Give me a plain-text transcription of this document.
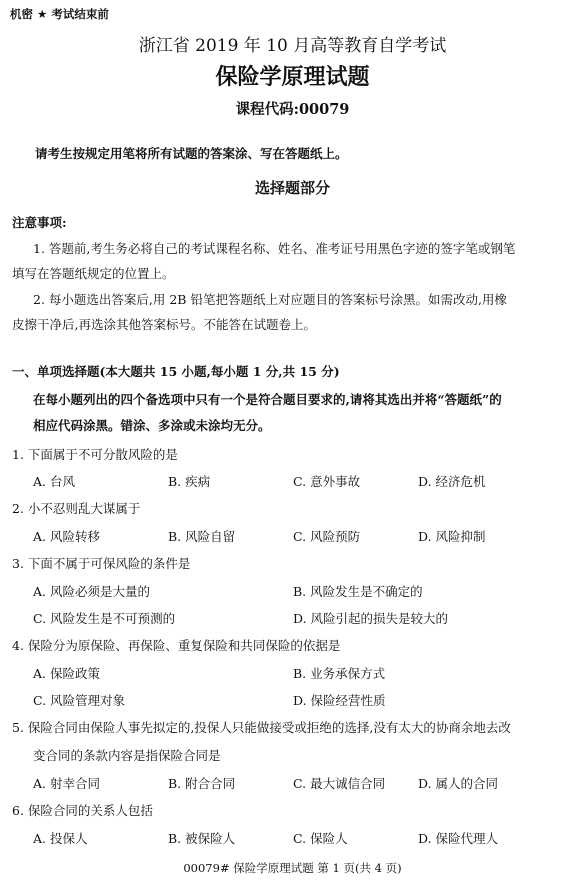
机密 ★ 考试结束前
浙江省 2019 年 10 月高等教育自学考试
保险学原理试题
课程代码:00079
请考生按规定用笔将所有试题的答案涂、写在答题纸上。
选择题部分
注意事项:
1. 答题前,考生务必将自己的考试课程名称、姓名、准考证号用黑色字迹的签字笔或钢笔
填写在答题纸规定的位置上。
2. 每小题选出答案后,用 2B 铅笔把答题纸上对应题目的答案标号涂黑。如需改动,用橡
皮擦干净后,再选涂其他答案标号。不能答在试题卷上。
一、单项选择题(本大题共 15 小题,每小题 1 分,共 15 分)
在每小题列出的四个备选项中只有一个是符合题目要求的,请将其选出并将“答题纸”的
相应代码涂黑。错涂、多涂或未涂均无分。
1. 下面属于不可分散风险的是
A. 台风	B. 疾病	C. 意外事故	D. 经济危机
2. 小不忍则乱大谋属于
A. 风险转移	B. 风险自留	C. 风险预防	D. 风险抑制
3. 下面不属于可保风险的条件是
A. 风险必须是大量的	B. 风险发生是不确定的
C. 风险发生是不可预测的	D. 风险引起的损失是较大的
4. 保险分为原保险、再保险、重复保险和共同保险的依据是
A. 保险政策	B. 业务承保方式
C. 风险管理对象	D. 保险经营性质
5. 保险合同由保险人事先拟定的,投保人只能做接受或拒绝的选择,没有太大的协商余地去改
变合同的条款内容是指保险合同是
A. 射幸合同	B. 附合合同	C. 最大诚信合同	D. 属人的合同
6. 保险合同的关系人包括
A. 投保人	B. 被保险人	C. 保险人	D. 保险代理人
00079# 保险学原理试题 第 1 页(共 4 页)
